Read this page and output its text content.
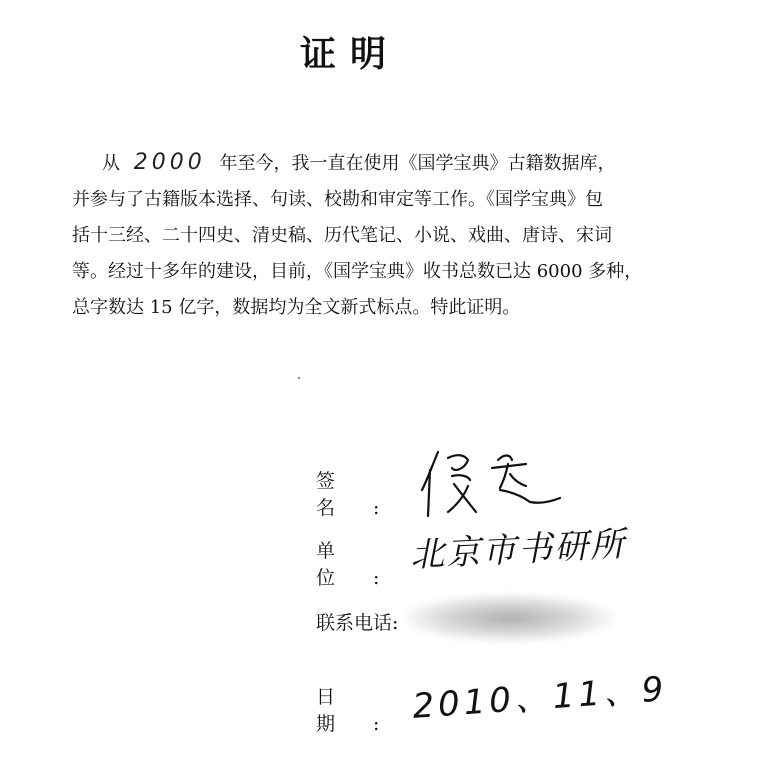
证明
从 2000 年至今，我一直在使用《国学宝典》古籍数据库，
并参与了古籍版本选择、句读、校勘和审定等工作。《国学宝典》包
括十三经、二十四史、清史稿、历代笔记、小说、戏曲、唐诗、宋词
等。经过十多年的建设，目前，《国学宝典》收书总数已达 6000 多种，
总字数达 15 亿字，数据均为全文新式标点。特此证明。
签名:
单位:
北京市书研所
联系电话:
日期:
2010、11、9
